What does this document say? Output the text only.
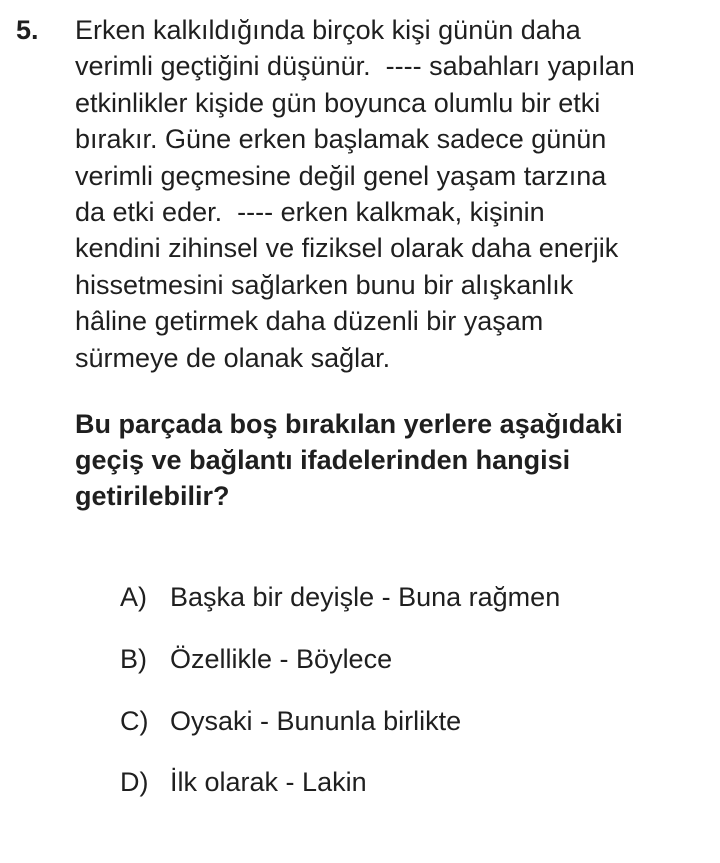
5. Erken kalkıldığında birçok kişi günün daha
verimli geçtiğini düşünür.  ---- sabahları yapılan
etkinlikler kişide gün boyunca olumlu bir etki
bırakır. Güne erken başlamak sadece günün
verimli geçmesine değil genel yaşam tarzına
da etki eder.  ---- erken kalkmak, kişinin
kendini zihinsel ve fiziksel olarak daha enerjik
hissetmesini sağlarken bunu bir alışkanlık
hâline getirmek daha düzenli bir yaşam
sürmeye de olanak sağlar.
Bu parçada boş bırakılan yerlere aşağıdaki
geçiş ve bağlantı ifadelerinden hangisi
getirilebilir?

A) Başka bir deyişle - Buna rağmen

B) Özellikle - Böylece

C) Oysaki - Bununla birlikte

D) İlk olarak - Lakin
